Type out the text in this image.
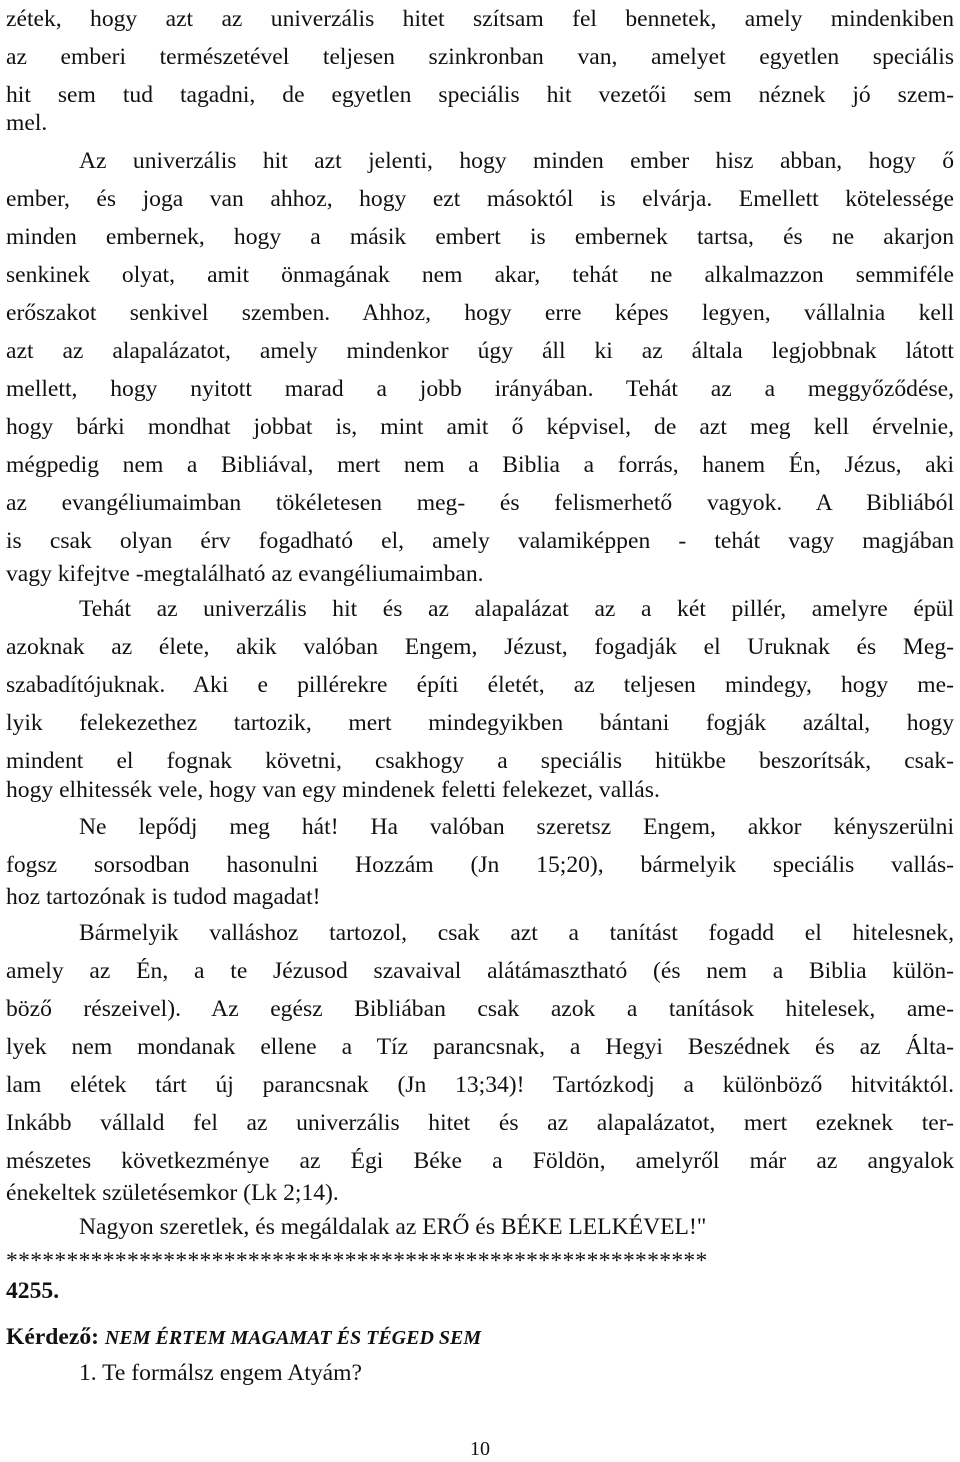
zétek, hogy azt az univerzális hitet szítsam fel bennetek, amely mindenkiben
az emberi természetével teljesen szinkronban van, amelyet egyetlen speciális
hit sem tud tagadni, de egyetlen speciális hit vezetői sem néznek jó szem-
mel.
Az univerzális hit azt jelenti, hogy minden ember hisz abban, hogy ő
ember, és joga van ahhoz, hogy ezt másoktól is elvárja. Emellett kötelessége
minden embernek, hogy a másik embert is embernek tartsa, és ne akarjon
senkinek olyat, amit önmagának nem akar, tehát ne alkalmazzon semmiféle
erőszakot senkivel szemben. Ahhoz, hogy erre képes legyen, vállalnia kell
azt az alapalázatot, amely mindenkor úgy áll ki az általa legjobbnak látott
mellett, hogy nyitott marad a jobb irányában. Tehát az a meggyőződése,
hogy bárki mondhat jobbat is, mint amit ő képvisel, de azt meg kell érvelnie,
mégpedig nem a Bibliával, mert nem a Biblia a forrás, hanem Én, Jézus, aki
az evangéliumaimban tökéletesen meg- és felismerhető vagyok. A Bibliából
is csak olyan érv fogadható el, amely valamiképpen - tehát vagy magjában
vagy kifejtve -megtalálható az evangéliumaimban.
Tehát az univerzális hit és az alapalázat az a két pillér, amelyre épül
azoknak az élete, akik valóban Engem, Jézust, fogadják el Uruknak és Meg-
szabadítójuknak. Aki e pillérekre építi életét, az teljesen mindegy, hogy me-
lyik felekezethez tartozik, mert mindegyikben bántani fogják azáltal, hogy
mindent el fognak követni, csakhogy a speciális hitükbe beszorítsák, csak-
hogy elhitessék vele, hogy van egy mindenek feletti felekezet, vallás.
Ne lepődj meg hát! Ha valóban szeretsz Engem, akkor kényszerülni
fogsz sorsodban hasonulni Hozzám (Jn 15;20), bármelyik speciális vallás-
hoz tartozónak is tudod magadat!
Bármelyik valláshoz tartozol, csak azt a tanítást fogadd el hitelesnek,
amely az Én, a te Jézusod szavaival alátámasztható (és nem a Biblia külön-
böző részeivel). Az egész Bibliában csak azok a tanítások hitelesek, ame-
lyek nem mondanak ellene a Tíz parancsnak, a Hegyi Beszédnek és az Álta-
lam elétek tárt új parancsnak (Jn 13;34)! Tartózkodj a különböző hitvitáktól.
Inkább vállald fel az univerzális hitet és az alapalázatot, mert ezeknek ter-
mészetes következménye az Égi Béke a Földön, amelyről már az angyalok
énekeltek születésemkor (Lk 2;14).
Nagyon szeretlek, és megáldalak az ERŐ és BÉKE LELKÉVEL!"
**********************************************************
4255.
Kérdező: NEM ÉRTEM MAGAMAT ÉS TÉGED SEM
1. Te formálsz engem Atyám?
10
